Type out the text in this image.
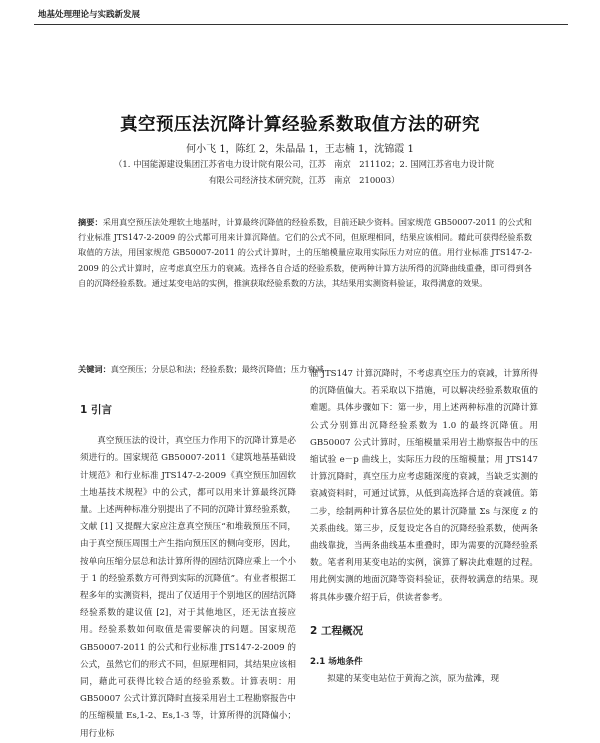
地基处理理论与实践新发展
真空预压法沉降计算经验系数取值方法的研究
何小飞 1，陈红 2，朱晶晶 1，王志楠 1，沈锦霞 1
（1. 中国能源建设集团江苏省电力设计院有限公司，江苏　南京　211102；2. 国网江苏省电力设计院
有限公司经济技术研究院，江苏　南京　210003）
摘要：采用真空预压法处理软土地基时，计算最终沉降值的经验系数，目前还缺少资料。国家规范 GB50007-2011 的公式和行业标准 JTS147-2-2009 的公式都可用来计算沉降值。它们的公式不同，但原理相同，结果应该相同。藉此可获得经验系数取值的方法，用国家规范 GB50007-2011 的公式计算时，土的压缩模量应取用实际压力对应的值。用行业标准 JTS147-2-2009 的公式计算时，应考虑真空压力的衰减。选择各自合适的经验系数，使两种计算方法所得的沉降曲线重叠，即可得到各自的沉降经验系数。通过某变电站的实例，推演获取经验系数的方法，其结果用实测资料验证，取得满意的效果。
关键词：真空预压；分层总和法；经验系数；最终沉降值；压力衰减
1 引言

真空预压法的设计，真空压力作用下的沉降计算是必须进行的。国家规范 GB50007-2011《建筑地基基础设计规范》和行业标准 JTS147-2-2009《真空预压加固软土地基技术规程》中的公式，都可以用来计算最终沉降量。上述两种标准分别提出了不同的沉降计算经验系数，文献 [1] 又提醒大家应注意真空预压“和堆载预压不同，由于真空预压周围土产生指向预压区的侧向变形，因此，按单向压缩分层总和法计算所得的固结沉降应乘上一个小于 1 的经验系数方可得到实际的沉降值”。有业者根据工程多年的实测资料，提出了仅适用于个别地区的固结沉降经验系数的建议值 [2]，对于其他地区，还无法直接应用。经验系数如何取值是需要解决的问题。国家规范 GB50007-2011 的公式和行业标准 JTS147-2-2009 的公式，虽然它们的形式不同，但原理相同，其结果应该相同，藉此可获得比较合适的经验系数。计算表明：用 GB50007 公式计算沉降时直接采用岩土工程勘察报告中的压缩模量 Es,1-2、Es,1-3 等，计算所得的沉降偏小；用行业标

准 JTS147 计算沉降时，不考虑真空压力的衰减，计算所得的沉降值偏大。若采取以下措施，可以解决经验系数取值的难题。具体步骤如下：第一步，用上述两种标准的沉降计算公式分别算出沉降经验系数为 1.0 的最终沉降值。用 GB50007 公式计算时，压缩模量采用岩土勘察报告中的压缩试验 e－p 曲线上，实际压力段的压缩模量；用 JTS147 计算沉降时，真空压力应考虑随深度的衰减，当缺乏实测的衰减资料时，可通过试算，从低到高选择合适的衰减值。第二步，绘制两种计算各层位处的累计沉降量 Σs 与深度 z 的关系曲线。第三步，反复设定各自的沉降经验系数，使两条曲线靠拢，当两条曲线基本重叠时，即为需要的沉降经验系数。笔者利用某变电站的实例，演算了解决此难题的过程。用此例实测的地面沉降等资料验证，获得较满意的结果。现将具体步骤介绍于后，供读者参考。

2 工程概况
2.1 场地条件

拟建的某变电站位于黄海之滨，原为盐滩，现
